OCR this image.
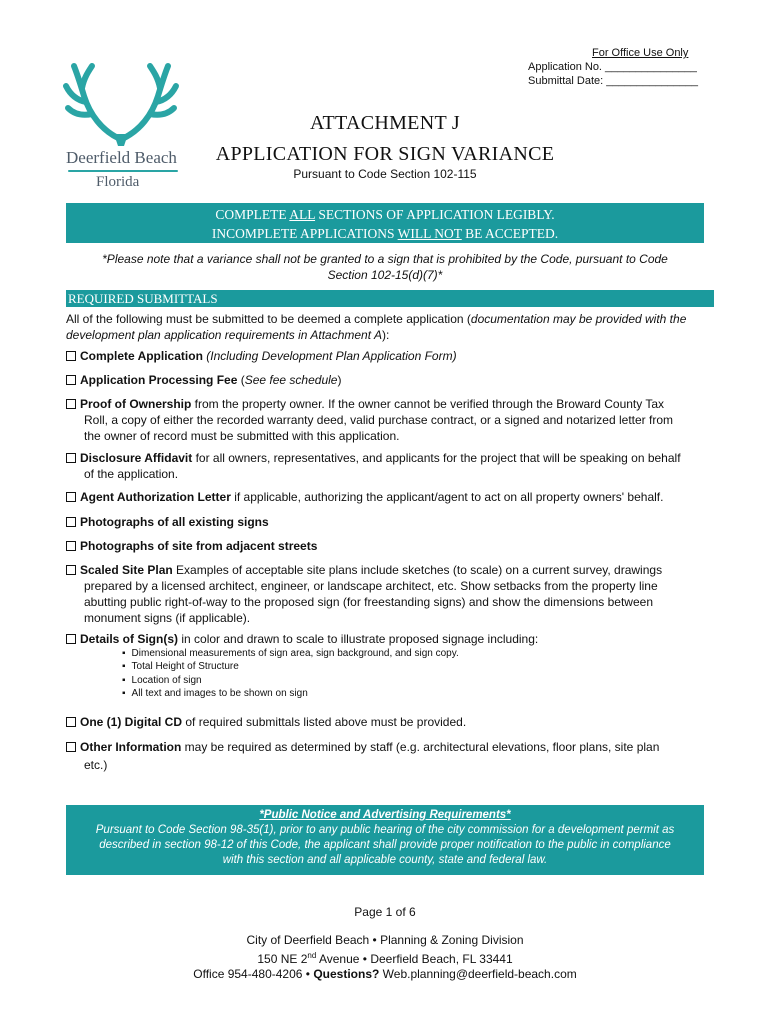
For Office Use Only
Application No. _______________
Submittal Date: _______________
Deerfield Beach
Florida
ATTACHMENT J
APPLICATION FOR SIGN VARIANCE
Pursuant to Code Section 102-115
COMPLETE ALL SECTIONS OF APPLICATION LEGIBLY.
INCOMPLETE APPLICATIONS WILL NOT BE ACCEPTED.
*Please note that a variance shall not be granted to a sign that is prohibited by the Code, pursuant to Code
Section 102-15(d)(7)*
REQUIRED SUBMITTALS
All of the following must be submitted to be deemed a complete application (documentation may be provided with the development plan application requirements in Attachment A):
Complete Application (Including Development Plan Application Form)
Application Processing Fee (See fee schedule)
Proof of Ownership from the property owner. If the owner cannot be verified through the Broward County Tax
Roll, a copy of either the recorded warranty deed, valid purchase contract, or a signed and notarized letter from
the owner of record must be submitted with this application.
Disclosure Affidavit for all owners, representatives, and applicants for the project that will be speaking on behalf
of the application.
Agent Authorization Letter if applicable, authorizing the applicant/agent to act on all property owners' behalf.
Photographs of all existing signs
Photographs of site from adjacent streets
Scaled Site Plan Examples of acceptable site plans include sketches (to scale) on a current survey, drawings
prepared by a licensed architect, engineer, or landscape architect, etc. Show setbacks from the property line
abutting public right-of-way to the proposed sign (for freestanding signs) and show the dimensions between
monument signs (if applicable).
Details of Sign(s) in color and drawn to scale to illustrate proposed signage including:
▪ Dimensional measurements of sign area, sign background, and sign copy.
▪ Total Height of Structure
▪ Location of sign
▪ All text and images to be shown on sign
One (1) Digital CD of required submittals listed above must be provided.
Other Information may be required as determined by staff (e.g. architectural elevations, floor plans, site plan
etc.)
*Public Notice and Advertising Requirements*
Pursuant to Code Section 98-35(1), prior to any public hearing of the city commission for a development permit as
described in section 98-12 of this Code, the applicant shall provide proper notification to the public in compliance
with this section and all applicable county, state and federal law.
Page 1 of 6
City of Deerfield Beach • Planning & Zoning Division
150 NE 2nd Avenue • Deerfield Beach, FL 33441
Office 954-480-4206 • Questions? Web.planning@deerfield-beach.com
